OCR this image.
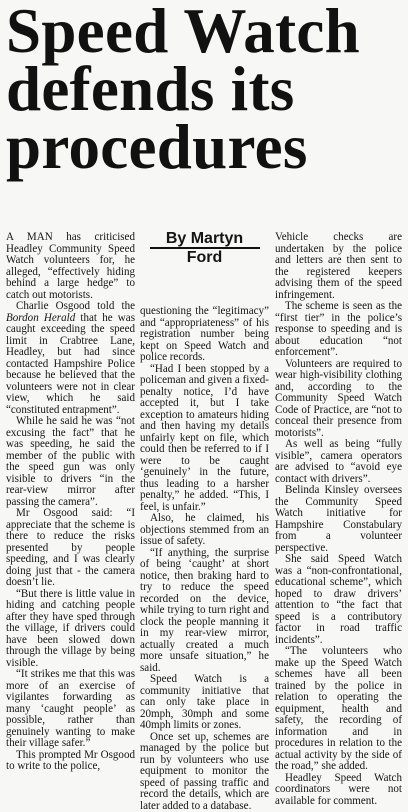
Speed Watch
defends its
procedures

A MAN has criticised Headley Community Speed Watch volunteers for, he alleged, “effectively hiding behind a large hedge” to catch out motorists.

Charlie Osgood told the Bordon Herald that he was caught exceeding the speed limit in Crabtree Lane, Headley, but had since contacted Hampshire Police because he believed that the volunteers were not in clear view, which he said “constituted entrapment”.

While he said he was “not excusing the fact” that he was speeding, he said the member of the public with the speed gun was only visible to drivers “in the rear-view mirror after passing the camera”.

Mr Osgood said: “I appreciate that the scheme is there to reduce the risks presented by people speeding, and I was clearly doing just that - the camera doesn’t lie.

“But there is little value in hiding and catching people after they have sped through the village, if drivers could have been slowed down through the village by being visible.

“It strikes me that this was more of an exercise of vigilantes forwarding as many ‘caught people’ as possible, rather than genuinely wanting to make their village safer.”

This prompted Mr Osgood to write to the police,

By Martyn
Ford

questioning the “legitimacy” and “appropriateness” of his registration number being kept on Speed Watch and police records.

“Had I been stopped by a policeman and given a fixed-penalty notice, I’d have accepted it, but I take exception to amateurs hiding and then having my details unfairly kept on file, which could then be referred to if I were to be caught ‘genuinely’ in the future, thus leading to a harsher penalty,” he added. “This, I feel, is unfair.”

Also, he claimed, his objections stemmed from an issue of safety.

“If anything, the surprise of being ‘caught’ at short notice, then braking hard to try to reduce the speed recorded on the device, while trying to turn right and clock the people manning it in my rear-view mirror, actually created a much more unsafe situation,” he said.

Speed Watch is a community initiative that can only take place in 20mph, 30mph and some 40mph limits or zones.

Once set up, schemes are managed by the police but run by volunteers who use equipment to monitor the speed of passing traffic and record the details, which are later added to a database.

Vehicle checks are undertaken by the police and letters are then sent to the registered keepers advising them of the speed infringement.

The scheme is seen as the “first tier” in the police’s response to speeding and is about education “not enforcement”.

Volunteers are required to wear high-visibility clothing and, according to the Community Speed Watch Code of Practice, are “not to conceal their presence from motorists”.

As well as being “fully visible”, camera operators are advised to “avoid eye contact with drivers”.

Belinda Kinsley oversees the Community Speed Watch initiative for Hampshire Constabulary from a volunteer perspective.

She said Speed Watch was a “non-confrontational, educational scheme”, which hoped to draw drivers’ attention to “the fact that speed is a contributory factor in road traffic incidents”.

“The volunteers who make up the Speed Watch schemes have all been trained by the police in relation to operating the equipment, health and safety, the recording of information and in procedures in relation to the actual activity by the side of the road,” she added.

Headley Speed Watch coordinators were not available for comment.
